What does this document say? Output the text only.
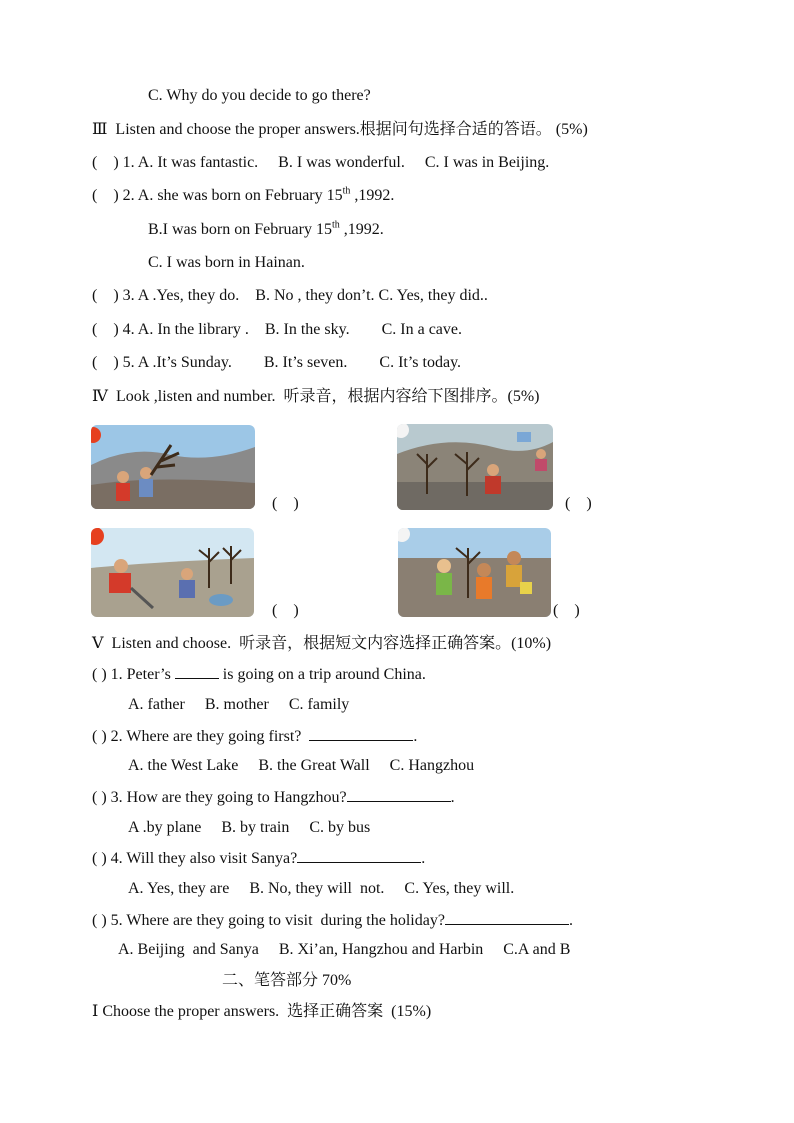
C. Why do you decide to go there?
Ⅲ  Listen and choose the proper answers.根据问句选择合适的答语。 (5%)
(    ) 1. A. It was fantastic.     B. I was wonderful.     C. I was in Beijing.
(    ) 2. A. she was born on February 15th ,1992.
B.I was born on February 15th ,1992.
C. I was born in Hainan.
(    ) 3. A .Yes, they do.    B. No , they don’t. C. Yes, they did..
(    ) 4. A. In the library .    B. In the sky.        C. In a cave.
(    ) 5. A .It’s Sunday.        B. It’s seven.        C. It’s today.
Ⅳ  Look ,listen and number.  听录音，根据内容给下图排序。(5%)
(    )	(    )
(    )	(    )
Ⅴ  Listen and choose.  听录音，根据短文内容选择正确答案。(10%)
( ) 1. Peter’s	is going on a trip around China.
A. father     B. mother     C. family
( ) 2. Where are they going first?	.
A. the West Lake     B. the Great Wall     C. Hangzhou
( ) 3. How are they going to Hangzhou?	.
A .by plane     B. by train     C. by bus
( ) 4. Will they also visit Sanya?	.
A. Yes, they are     B. No, they will  not.     C. Yes, they will.
( ) 5. Where are they going to visit  during the holiday?	.
A. Beijing  and Sanya     B. Xi’an, Hangzhou and Harbin     C.A and B
二、笔答部分 70%
Ⅰ Choose the proper answers.  选择正确答案  (15%)
